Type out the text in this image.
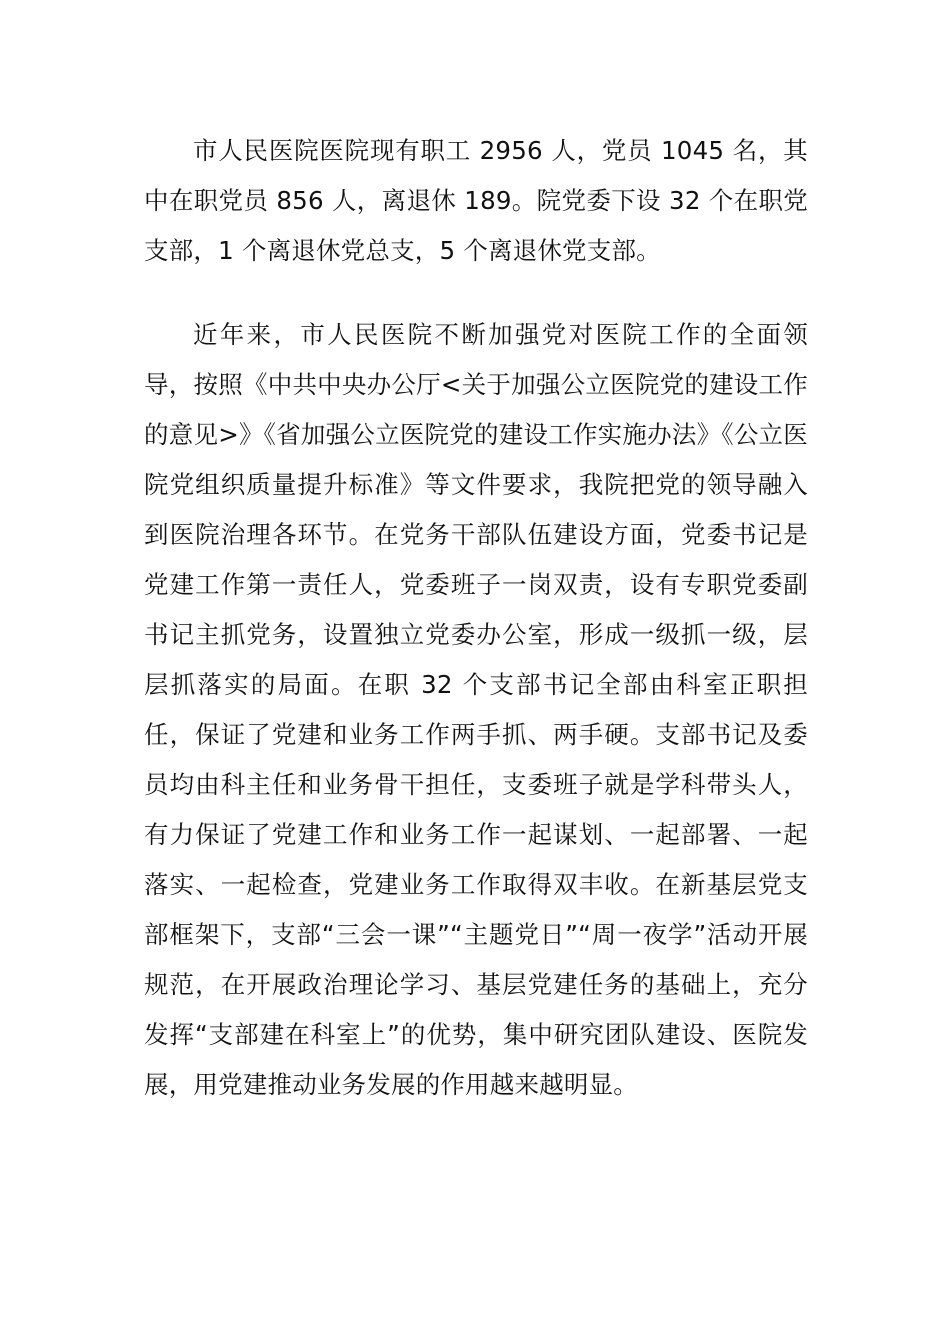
市人民医院医院现有职工 2956 人，党员 1045 名，其中在职党员 856 人，离退休 189。院党委下设 32 个在职党支部，1 个离退休党总支，5 个离退休党支部。

近年来，市人民医院不断加强党对医院工作的全面领导，按照《中共中央办公厅<关于加强公立医院党的建设工作的意见>》《省加强公立医院党的建设工作实施办法》《公立医院党组织质量提升标准》等文件要求，我院把党的领导融入到医院治理各环节。在党务干部队伍建设方面，党委书记是党建工作第一责任人，党委班子一岗双责，设有专职党委副书记主抓党务，设置独立党委办公室，形成一级抓一级，层层抓落实的局面。在职 32 个支部书记全部由科室正职担任，保证了党建和业务工作两手抓、两手硬。支部书记及委员均由科主任和业务骨干担任，支委班子就是学科带头人，有力保证了党建工作和业务工作一起谋划、一起部署、一起落实、一起检查，党建业务工作取得双丰收。在新基层党支部框架下，支部“三会一课”“主题党日”“周一夜学”活动开展规范，在开展政治理论学习、基层党建任务的基础上，充分发挥“支部建在科室上”的优势，集中研究团队建设、医院发展，用党建推动业务发展的作用越来越明显。
